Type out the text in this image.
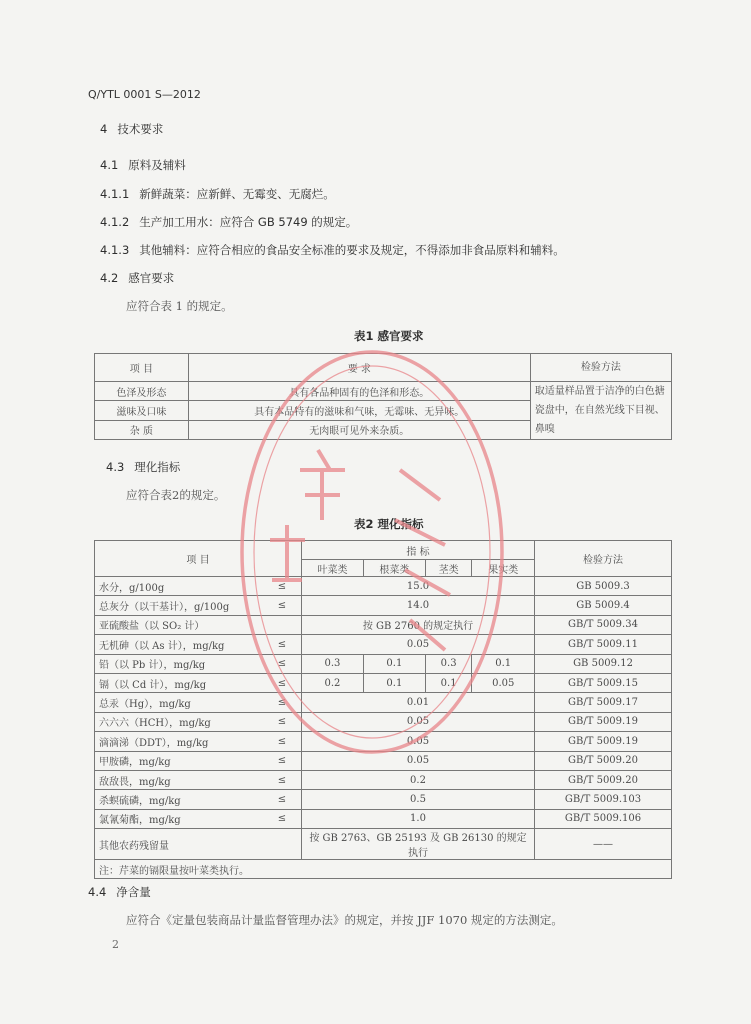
Q/YTL 0001 S—2012
4 技术要求
4.1 原料及辅料
4.1.1 新鲜蔬菜：应新鲜、无霉变、无腐烂。
4.1.2 生产加工用水：应符合 GB 5749 的规定。
4.1.3 其他辅料：应符合相应的食品安全标准的要求及规定，不得添加非食品原料和辅料。
4.2 感官要求
应符合表 1 的规定。
表1 感官要求
项 目	要 求	检验方法
色泽及形态	具有各品种固有的色泽和形态。	取适量样品置于洁净的白色搪瓷盘中，在自然光线下目视、鼻嗅
滋味及口味	具有本品特有的滋味和气味，无霉味、无异味。	
杂 质	无肉眼可见外来杂质。	
4.3 理化指标
应符合表2的规定。
表2 理化指标
项 目		指 标				检验方法
		叶菜类	根菜类	茎类	果实类	
水分，g/100g	≤	15.0				GB 5009.3
总灰分（以干基计），g/100g	≤	14.0				GB 5009.4
亚硫酸盐（以 SO₂ 计）		按 GB 2760 的规定执行				GB/T 5009.34
无机砷（以 As 计），mg/kg	≤	0.05				GB/T 5009.11
铅（以 Pb 计），mg/kg	≤	0.3	0.1	0.3	0.1	GB 5009.12
镉（以 Cd 计），mg/kg	≤	0.2	0.1	0.1	0.05	GB/T 5009.15
总汞（Hg），mg/kg	≤	0.01				GB/T 5009.17
六六六（HCH），mg/kg	≤	0.05				GB/T 5009.19
滴滴涕（DDT），mg/kg	≤	0.05				GB/T 5009.19
甲胺磷，mg/kg	≤	0.05				GB/T 5009.20
敌敌畏，mg/kg	≤	0.2				GB/T 5009.20
杀螟硫磷，mg/kg	≤	0.5				GB/T 5009.103
氯氰菊酯，mg/kg	≤	1.0				GB/T 5009.106
其他农药残留量		按 GB 2763、GB 25193 及 GB 26130 的规定执行				——
注：芹菜的镉限量按叶菜类执行。						
4.4 净含量
应符合《定量包装商品计量监督管理办法》的规定，并按 JJF 1070 规定的方法测定。
2
